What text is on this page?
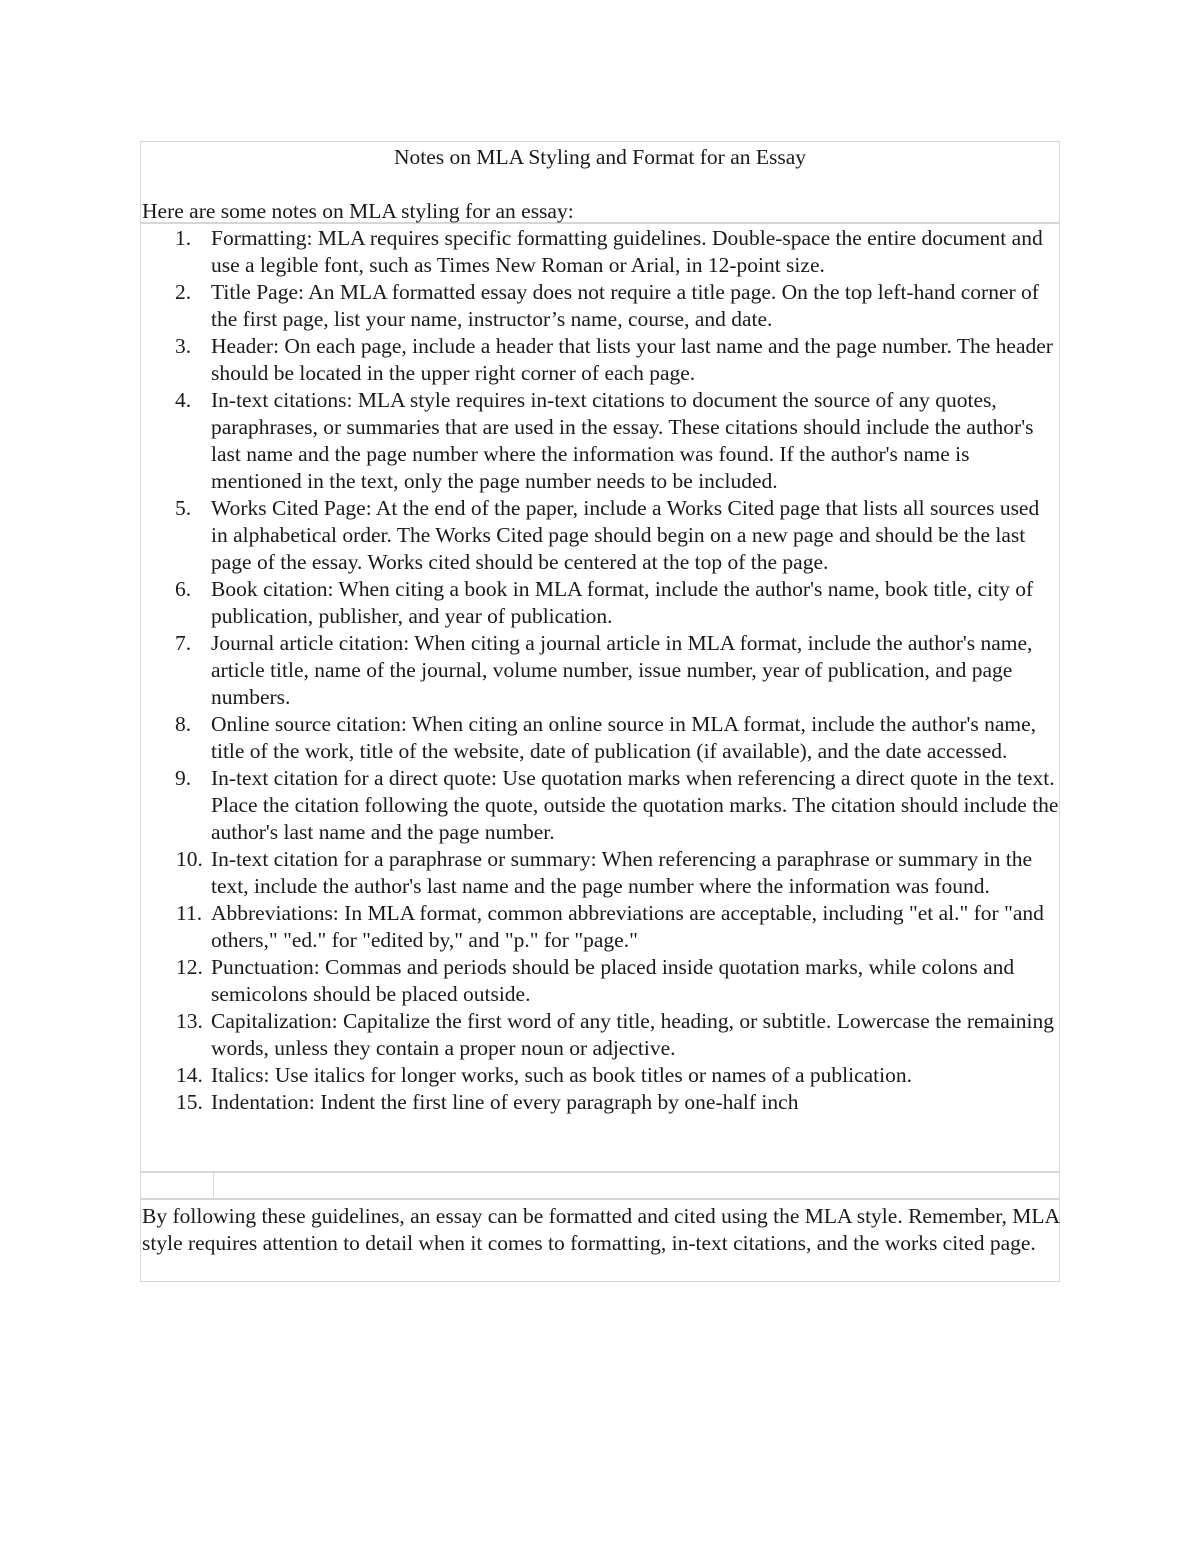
Notes on MLA Styling and Format for an Essay
Here are some notes on MLA styling for an essay:
1. Formatting: MLA requires specific formatting guidelines. Double-space the entire document and use a legible font, such as Times New Roman or Arial, in 12-point size.
2. Title Page: An MLA formatted essay does not require a title page. On the top left-hand corner of the first page, list your name, instructor’s name, course, and date.
3. Header: On each page, include a header that lists your last name and the page number. The header should be located in the upper right corner of each page.
4. In-text citations: MLA style requires in-text citations to document the source of any quotes, paraphrases, or summaries that are used in the essay. These citations should include the author's last name and the page number where the information was found. If the author's name is mentioned in the text, only the page number needs to be included.
5. Works Cited Page: At the end of the paper, include a Works Cited page that lists all sources used in alphabetical order. The Works Cited page should begin on a new page and should be the last page of the essay. Works cited should be centered at the top of the page.
6. Book citation: When citing a book in MLA format, include the author's name, book title, city of publication, publisher, and year of publication.
7. Journal article citation: When citing a journal article in MLA format, include the author's name, article title, name of the journal, volume number, issue number, year of publication, and page numbers.
8. Online source citation: When citing an online source in MLA format, include the author's name, title of the work, title of the website, date of publication (if available), and the date accessed.
9. In-text citation for a direct quote: Use quotation marks when referencing a direct quote in the text. Place the citation following the quote, outside the quotation marks. The citation should include the author's last name and the page number.
10. In-text citation for a paraphrase or summary: When referencing a paraphrase or summary in the text, include the author's last name and the page number where the information was found.
11. Abbreviations: In MLA format, common abbreviations are acceptable, including "et al." for "and others," "ed." for "edited by," and "p." for "page."
12. Punctuation: Commas and periods should be placed inside quotation marks, while colons and semicolons should be placed outside.
13. Capitalization: Capitalize the first word of any title, heading, or subtitle. Lowercase the remaining words, unless they contain a proper noun or adjective.
14. Italics: Use italics for longer works, such as book titles or names of a publication.
15. Indentation: Indent the first line of every paragraph by one-half inch
By following these guidelines, an essay can be formatted and cited using the MLA style. Remember, MLA style requires attention to detail when it comes to formatting, in-text citations, and the works cited page.
